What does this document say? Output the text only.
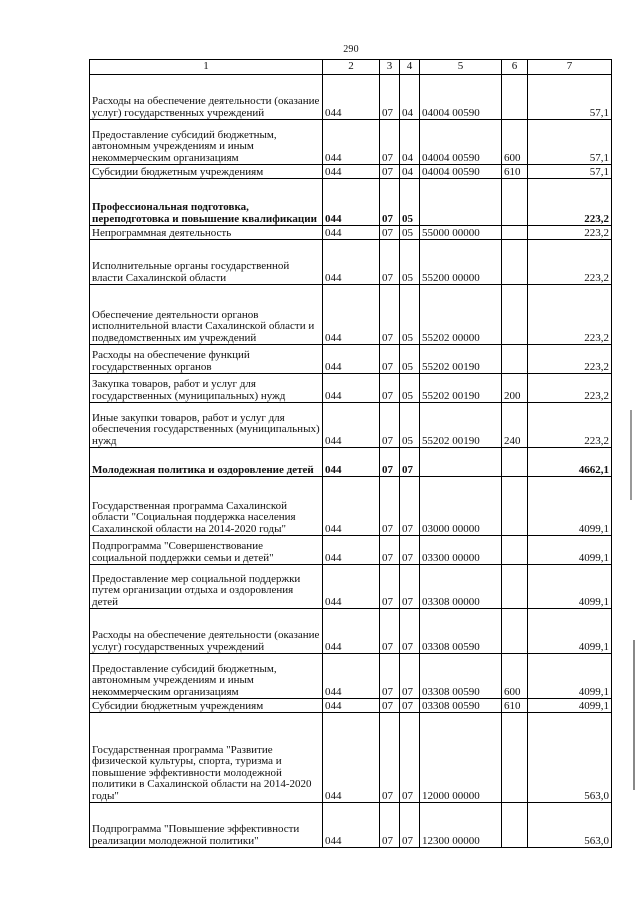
290
1	2	3	4	5	6	7
Расходы на обеспечение деятельности (оказание услуг) государственных учреждений	044	07	04	04004 00590		57,1
Предоставление субсидий бюджетным, автономным учреждениям и иным некоммерческим организациям	044	07	04	04004 00590	600	57,1
Субсидии бюджетным учреждениям	044	07	04	04004 00590	610	57,1
Профессиональная подготовка, переподготовка и повышение квалификации	044	07	05			223,2
Непрограммная деятельность	044	07	05	55000 00000		223,2
Исполнительные органы государственной власти Сахалинской области	044	07	05	55200 00000		223,2
Обеспечение деятельности органов исполнительной власти Сахалинской области и подведомственных им учреждений	044	07	05	55202 00000		223,2
Расходы на обеспечение функций государственных органов	044	07	05	55202 00190		223,2
Закупка товаров, работ и услуг для государственных (муниципальных) нужд	044	07	05	55202 00190	200	223,2
Иные закупки товаров, работ и услуг для обеспечения государственных (муниципальных) нужд	044	07	05	55202 00190	240	223,2
Молодежная политика и оздоровление детей	044	07	07			4662,1
Государственная программа Сахалинской области "Социальная поддержка населения Сахалинской области на 2014-2020 годы"	044	07	07	03000 00000		4099,1
Подпрограмма "Совершенствование социальной поддержки семьи и детей"	044	07	07	03300 00000		4099,1
Предоставление мер социальной поддержки путем организации отдыха и оздоровления детей	044	07	07	03308 00000		4099,1
Расходы на обеспечение деятельности (оказание услуг) государственных учреждений	044	07	07	03308 00590		4099,1
Предоставление субсидий бюджетным, автономным учреждениям и иным некоммерческим организациям	044	07	07	03308 00590	600	4099,1
Субсидии бюджетным учреждениям	044	07	07	03308 00590	610	4099,1
Государственная программа "Развитие физической культуры, спорта, туризма и повышение эффективности молодежной политики в Сахалинской области на 2014-2020 годы"	044	07	07	12000 00000		563,0
Подпрограмма "Повышение эффективности реализации молодежной политики"	044	07	07	12300 00000		563,0
